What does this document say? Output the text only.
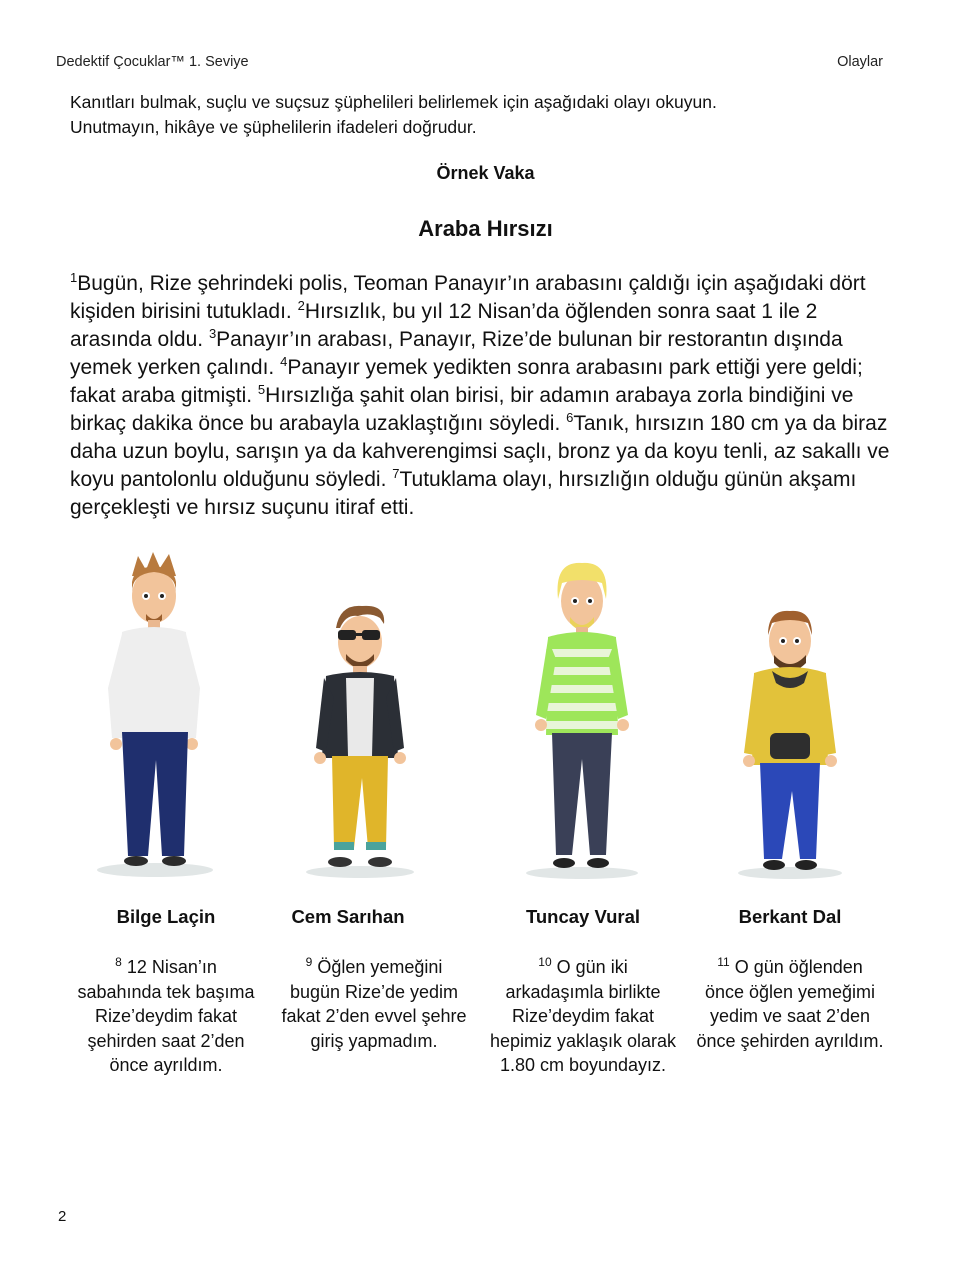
Dedektif Çocuklar™ 1. Seviye	Olaylar
Kanıtları bulmak, suçlu ve suçsuz şüphelileri belirlemek için aşağıdaki olayı okuyun.
Unutmayın, hikâye ve şüphelilerin ifadeleri doğrudur.
Örnek Vaka
Araba Hırsızı
$^1$Bugün, Rize şehrindeki polis, Teoman Panayır’ın arabasını çaldığı için aşağıdaki dört kişiden birisini tutukladı. $^2$Hırsızlık, bu yıl 12 Nisan’da öğlenden sonra saat 1 ile 2 arasında oldu. $^3$Panayır’ın arabası, Panayır, Rize’de bulunan bir restorantın dışında yemek yerken çalındı. $^4$Panayır yemek yedikten sonra arabasını park ettiği yere geldi; fakat araba gitmişti. $^5$Hırsızlığa şahit olan birisi, bir adamın arabaya zorla bindiğini ve birkaç dakika önce bu arabayla uzaklaştığını söyledi. $^6$Tanık, hırsızın 180 cm ya da biraz daha uzun boylu, sarışın ya da kahverengimsi saçlı, bronz ya da koyu tenli, az sakallı ve koyu pantolonlu olduğunu söyledi. $^7$Tutuklama olayı, hırsızlığın olduğu günün akşamı gerçekleşti ve hırsız suçunu itiraf etti.
Bilge Laçin	Cem Sarıhan	Tuncay Vural	Berkant Dal
$^8$ 12 Nisan’ın sabahında tek başıma Rize’deydim fakat şehirden saat 2’den önce ayrıldım.
$^9$ Öğlen yemeğini bugün Rize’de yedim fakat 2’den evvel şehre giriş yapmadım.
$^{10}$ O gün iki arkadaşımla birlikte Rize’deydim fakat hepimiz yaklaşık olarak 1.80 cm boyundayız.
$^{11}$ O gün öğlenden önce öğlen yemeğimi yedim ve saat 2’den önce şehirden ayrıldım.
2
